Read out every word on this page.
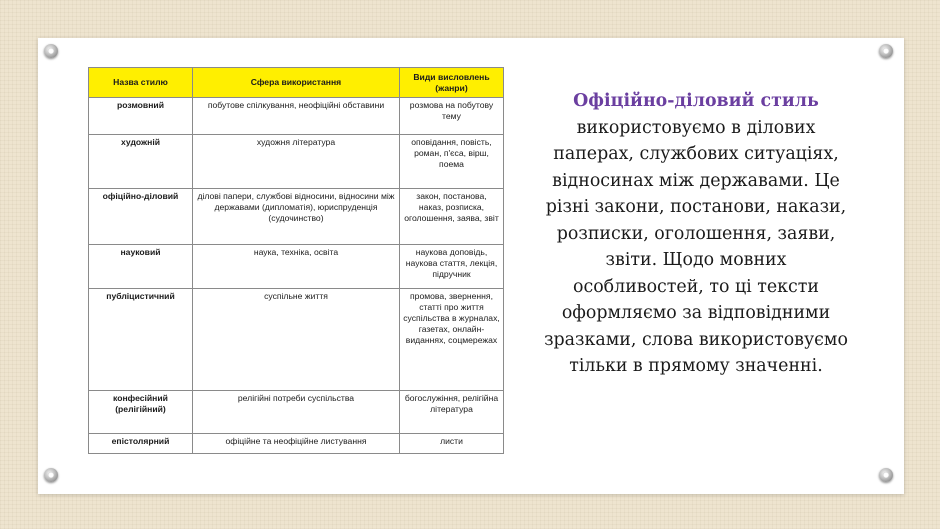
Назва стилю	Сфера використання	Види висловлень (жанри)
розмовний	побутове спілкування, неофіційні обставини	розмова на побутову тему
художній	художня література	оповідання, повість, роман, п'єса, вірш, поема
офіційно-діловий	ділові папери, службові відносини, відносини між державами (дипломатія), юриспруденція (судочинство)	закон, постанова, наказ, розписка, оголошення, заява, звіт
науковий	наука, техніка, освіта	наукова доповідь, наукова стаття, лекція, підручник
публіцистичний	суспільне життя	промова, звернення, статті про життя суспільства в журналах, газетах, онлайн-виданнях, соцмережах
конфесійний (релігійний)	релігійні потреби суспільства	богослужіння, релігійна література
епістолярний	офіційне та неофіційне листування	листи
Офіційно-діловий стиль використовуємо в ділових паперах, службових ситуаціях, відносинах між державами. Це різні закони, постанови, накази, розписки, оголошення, заяви, звіти. Щодо мовних особливостей, то ці тексти оформляємо за відповідними зразками, слова використовуємо тільки в прямому значенні.
